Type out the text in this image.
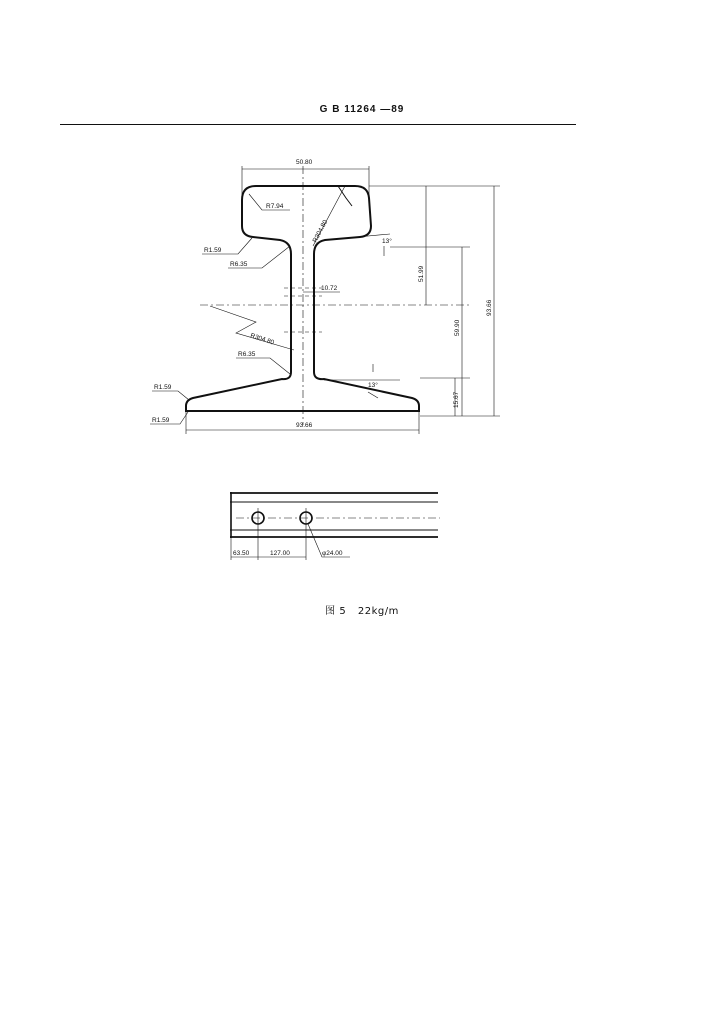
G B 11264 —89
50.80
R7.94
R304.80
R1.59
R6.35
13°
51.99
59.90
93.66
15.67
10.72
R304.80
R6.35
13°
R1.59
R1.59
93.66
63.50	127.00	φ24.00
图 5 22kg/m
